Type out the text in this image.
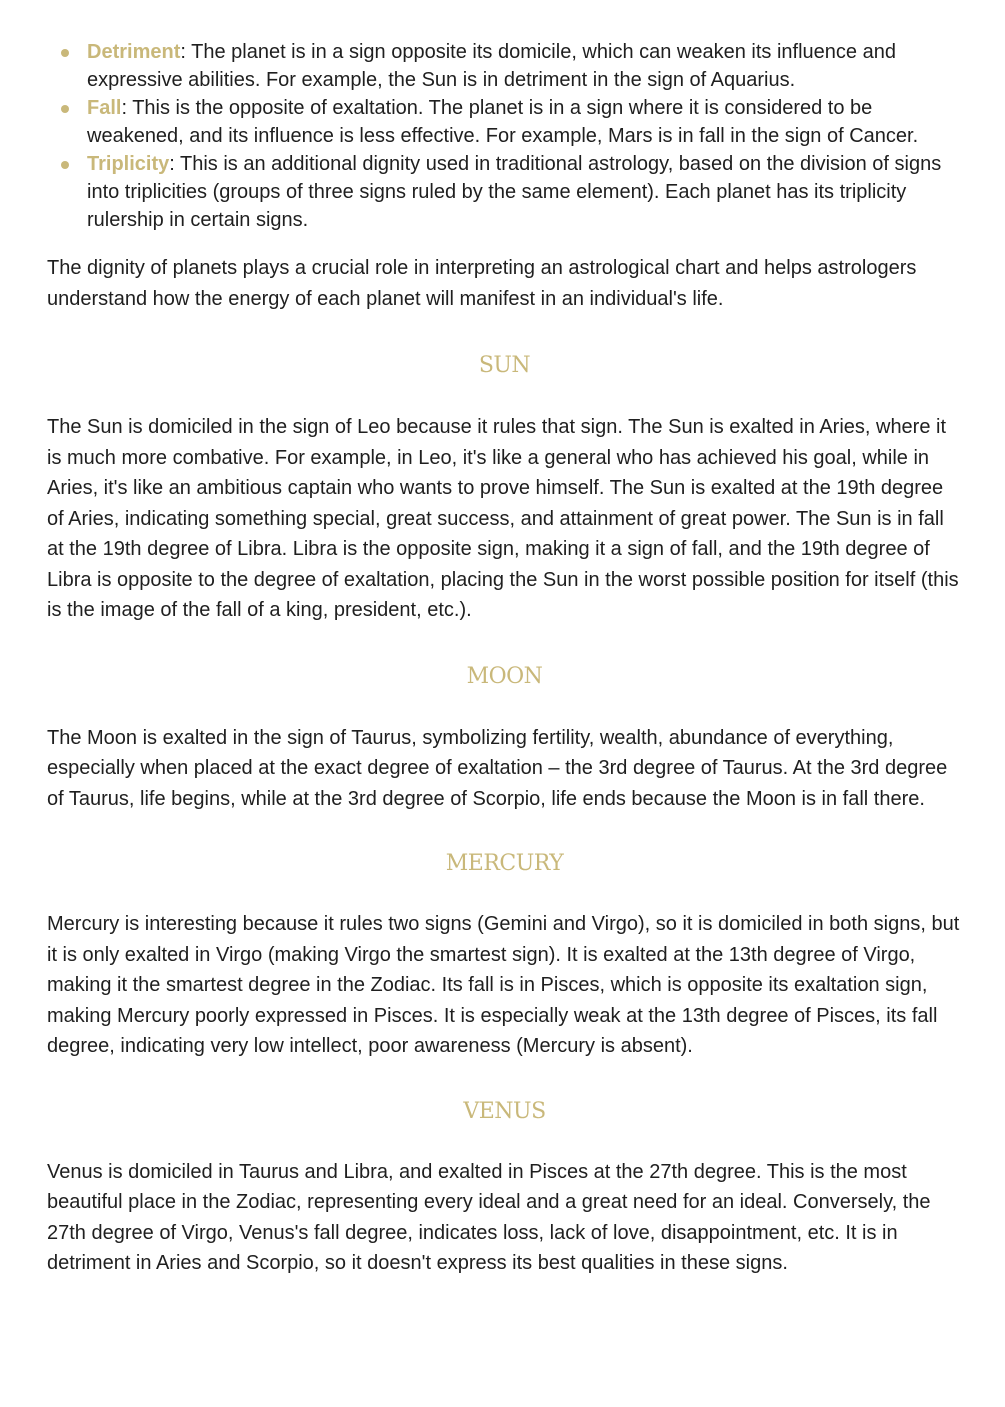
Detriment: The planet is in a sign opposite its domicile, which can weaken its influence and expressive abilities. For example, the Sun is in detriment in the sign of Aquarius.
Fall: This is the opposite of exaltation. The planet is in a sign where it is considered to be weakened, and its influence is less effective. For example, Mars is in fall in the sign of Cancer.
Triplicity: This is an additional dignity used in traditional astrology, based on the division of signs into triplicities (groups of three signs ruled by the same element). Each planet has its triplicity rulership in certain signs.

The dignity of planets plays a crucial role in interpreting an astrological chart and helps astrologers understand how the energy of each planet will manifest in an individual's life.

SUN

The Sun is domiciled in the sign of Leo because it rules that sign. The Sun is exalted in Aries, where it is much more combative. For example, in Leo, it's like a general who has achieved his goal, while in Aries, it's like an ambitious captain who wants to prove himself. The Sun is exalted at the 19th degree of Aries, indicating something special, great success, and attainment of great power. The Sun is in fall at the 19th degree of Libra. Libra is the opposite sign, making it a sign of fall, and the 19th degree of Libra is opposite to the degree of exaltation, placing the Sun in the worst possible position for itself (this is the image of the fall of a king, president, etc.).

MOON

The Moon is exalted in the sign of Taurus, symbolizing fertility, wealth, abundance of everything, especially when placed at the exact degree of exaltation – the 3rd degree of Taurus. At the 3rd degree of Taurus, life begins, while at the 3rd degree of Scorpio, life ends because the Moon is in fall there.

MERCURY

Mercury is interesting because it rules two signs (Gemini and Virgo), so it is domiciled in both signs, but it is only exalted in Virgo (making Virgo the smartest sign). It is exalted at the 13th degree of Virgo, making it the smartest degree in the Zodiac. Its fall is in Pisces, which is opposite its exaltation sign, making Mercury poorly expressed in Pisces. It is especially weak at the 13th degree of Pisces, its fall degree, indicating very low intellect, poor awareness (Mercury is absent).

VENUS

Venus is domiciled in Taurus and Libra, and exalted in Pisces at the 27th degree. This is the most beautiful place in the Zodiac, representing every ideal and a great need for an ideal. Conversely, the 27th degree of Virgo, Venus's fall degree, indicates loss, lack of love, disappointment, etc. It is in detriment in Aries and Scorpio, so it doesn't express its best qualities in these signs.
